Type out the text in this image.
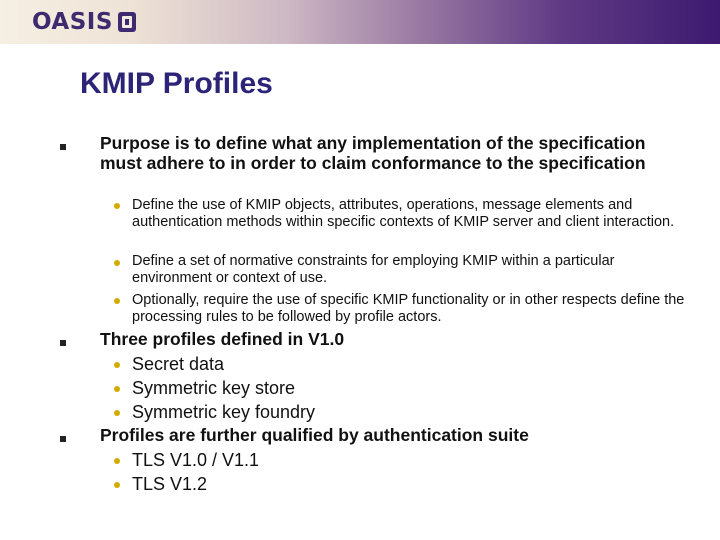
OASIS
KMIP Profiles
Purpose is to define what any implementation of the specification must adhere to in order to claim conformance to the specification
Define the use of KMIP objects, attributes, operations, message elements and authentication methods within specific contexts of KMIP server and client interaction.
Define a set of normative constraints for employing KMIP within a particular environment or context of use.
Optionally, require the use of specific KMIP functionality or in other respects define the processing rules to be followed by profile actors.
Three profiles defined in V1.0
Secret data
Symmetric key store
Symmetric key foundry
Profiles are further qualified by authentication suite
TLS V1.0 / V1.1
TLS V1.2
